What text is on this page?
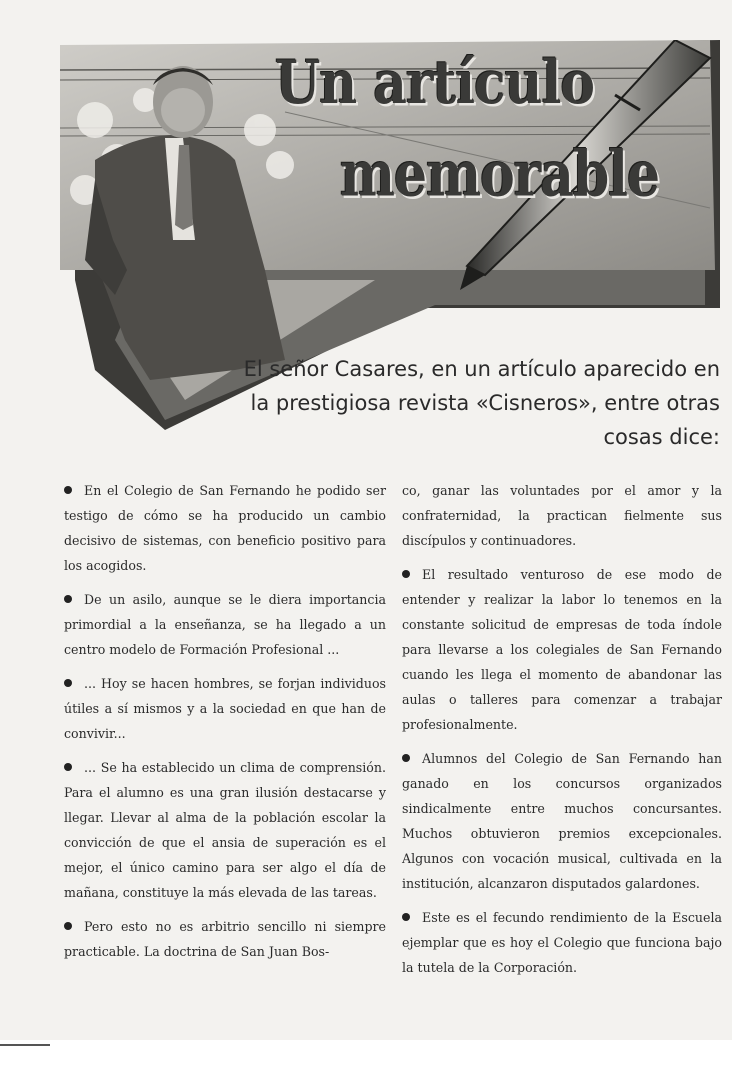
Un artículo
memorable
El señor Casares, en un artículo aparecido en la prestigiosa revista «Cisneros», entre otras cosas dice:

En el Colegio de San Fernando he podido ser testigo de cómo se ha producido un cambio decisivo de sistemas, con beneficio positivo para los acogidos.

De un asilo, aunque se le diera importancia primordial a la enseñanza, se ha llegado a un centro modelo de Formación Profesional ...

... Hoy se hacen hombres, se forjan individuos útiles a sí mismos y a la sociedad en que han de convivir...

... Se ha establecido un clima de comprensión. Para el alumno es una gran ilusión destacarse y llegar. Llevar al alma de la población escolar la convicción de que el ansia de superación es el mejor, el único camino para ser algo el día de mañana, constituye la más elevada de las tareas.

Pero esto no es arbitrio sencillo ni siempre practicable. La doctrina de San Juan Bos-

co, ganar las voluntades por el amor y la confraternidad, la practican fielmente sus discípulos y continuadores.

El resultado venturoso de ese modo de entender y realizar la labor lo tenemos en la constante solicitud de empresas de toda índole para llevarse a los colegiales de San Fernando cuando les llega el momento de abandonar las aulas o talleres para comenzar a trabajar profesionalmente.

Alumnos del Colegio de San Fernando han ganado en los concursos organizados sindicalmente entre muchos concursantes. Muchos obtuvieron premios excepcionales. Algunos con vocación musical, cultivada en la institución, alcanzaron disputados galardones.

Este es el fecundo rendimiento de la Escuela ejemplar que es hoy el Colegio que funciona bajo la tutela de la Corporación.
